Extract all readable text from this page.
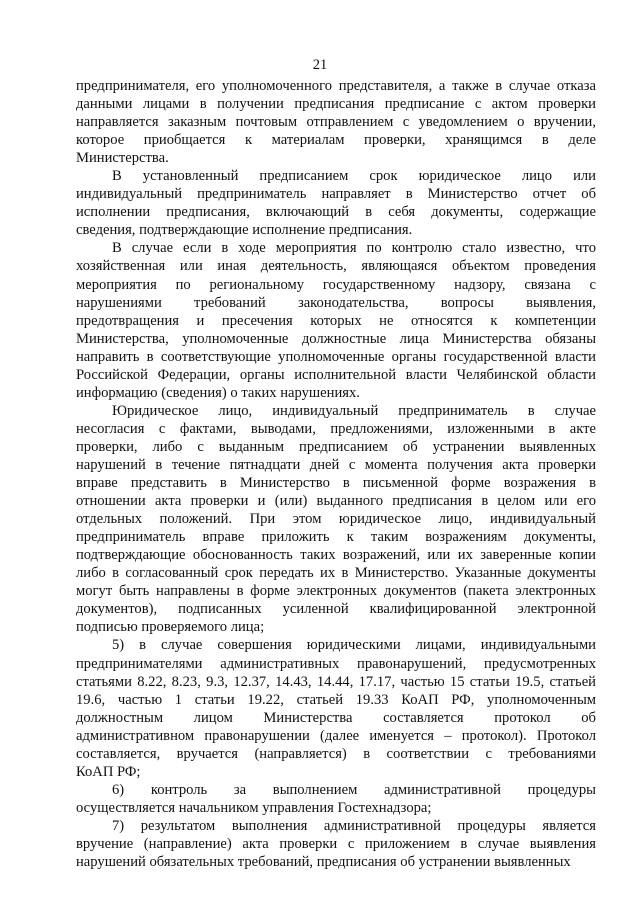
21
предпринимателя, его уполномоченного представителя, а также в случае отказа
данными лицами в получении предписания предписание с актом проверки
направляется заказным почтовым отправлением с уведомлением о вручении,
которое приобщается к материалам проверки, хранящимся в деле
Министерства.
В установленный предписанием срок юридическое лицо или
индивидуальный предприниматель направляет в Министерство отчет об
исполнении предписания, включающий в себя документы, содержащие
сведения, подтверждающие исполнение предписания.
В случае если в ходе мероприятия по контролю стало известно, что
хозяйственная или иная деятельность, являющаяся объектом проведения
мероприятия по региональному государственному надзору, связана с
нарушениями требований законодательства, вопросы выявления,
предотвращения и пресечения которых не относятся к компетенции
Министерства, уполномоченные должностные лица Министерства обязаны
направить в соответствующие уполномоченные органы государственной власти
Российской Федерации, органы исполнительной власти Челябинской области
информацию (сведения) о таких нарушениях.
Юридическое лицо, индивидуальный предприниматель в случае
несогласия с фактами, выводами, предложениями, изложенными в акте
проверки, либо с выданным предписанием об устранении выявленных
нарушений в течение пятнадцати дней с момента получения акта проверки
вправе представить в Министерство в письменной форме возражения в
отношении акта проверки и (или) выданного предписания в целом или его
отдельных положений. При этом юридическое лицо, индивидуальный
предприниматель вправе приложить к таким возражениям документы,
подтверждающие обоснованность таких возражений, или их заверенные копии
либо в согласованный срок передать их в Министерство. Указанные документы
могут быть направлены в форме электронных документов (пакета электронных
документов), подписанных усиленной квалифицированной электронной
подписью проверяемого лица;
5) в случае совершения юридическими лицами, индивидуальными
предпринимателями административных правонарушений, предусмотренных
статьями 8.22, 8.23, 9.3, 12.37, 14.43, 14.44, 17.17, частью 15 статьи 19.5, статьей
19.6, частью 1 статьи 19.22, статьей 19.33 КоАП РФ, уполномоченным
должностным лицом Министерства составляется протокол об
административном правонарушении (далее именуется – протокол). Протокол
составляется, вручается (направляется) в соответствии с требованиями
КоАП РФ;
6) контроль за выполнением административной процедуры
осуществляется начальником управления Гостехнадзора;
7) результатом выполнения административной процедуры является
вручение (направление) акта проверки с приложением в случае выявления
нарушений обязательных требований, предписания об устранении выявленных
